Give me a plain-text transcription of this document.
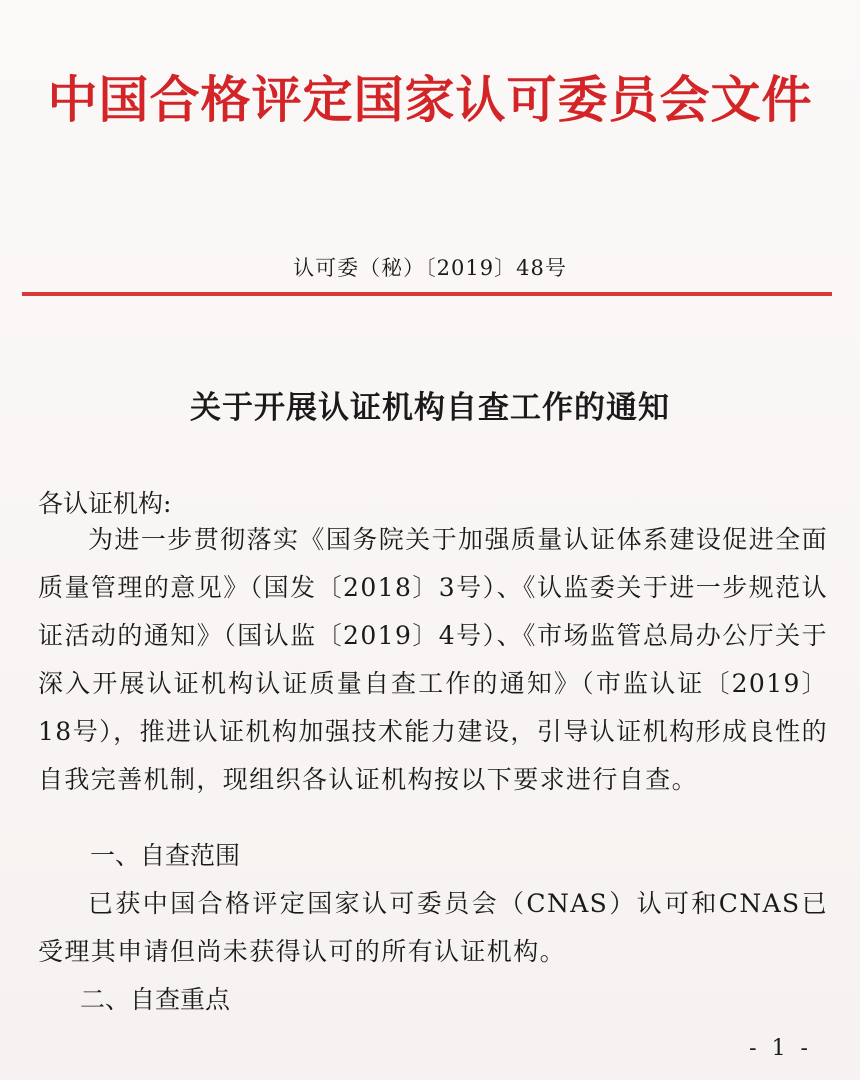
中国合格评定国家认可委员会文件
认可委（秘）〔2019〕48号
关于开展认证机构自查工作的通知
各认证机构:

为进一步贯彻落实《国务院关于加强质量认证体系建设促进全面质量管理的意见》（国发〔2018〕3号）、《认监委关于进一步规范认证活动的通知》（国认监〔2019〕4号）、《市场监管总局办公厅关于深入开展认证机构认证质量自查工作的通知》（市监认证〔2019〕18号），推进认证机构加强技术能力建设，引导认证机构形成良性的自我完善机制，现组织各认证机构按以下要求进行自查。

一、自查范围

已获中国合格评定国家认可委员会（CNAS）认可和CNAS已受理其申请但尚未获得认可的所有认证机构。

二、自查重点
- 1 -
